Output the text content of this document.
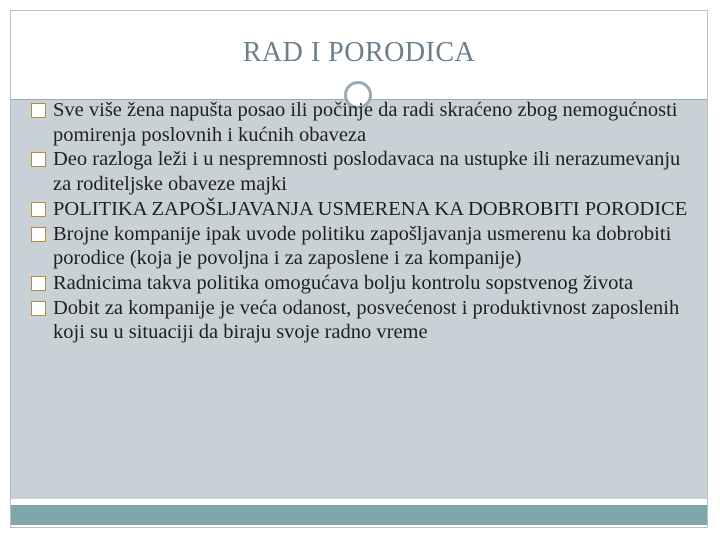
RAD I PORODICA
Sve više žena napušta posao ili počinje da radi skraćeno zbog nemogućnosti pomirenja poslovnih i kućnih obaveza
Deo razloga leži i u nespremnosti poslodavaca na ustupke ili nerazumevanju za roditeljske obaveze majki
POLITIKA ZAPOŠLJAVANJA USMERENA KA DOBROBITI PORODICE
Brojne kompanije ipak uvode politiku zapošljavanja usmerenu ka dobrobiti porodice (koja je povoljna i za zaposlene i za kompanije)
Radnicima takva politika omogućava bolju kontrolu sopstvenog života
Dobit za kompanije je veća odanost, posvećenost i produktivnost zaposlenih koji su u situaciji da biraju svoje radno vreme
